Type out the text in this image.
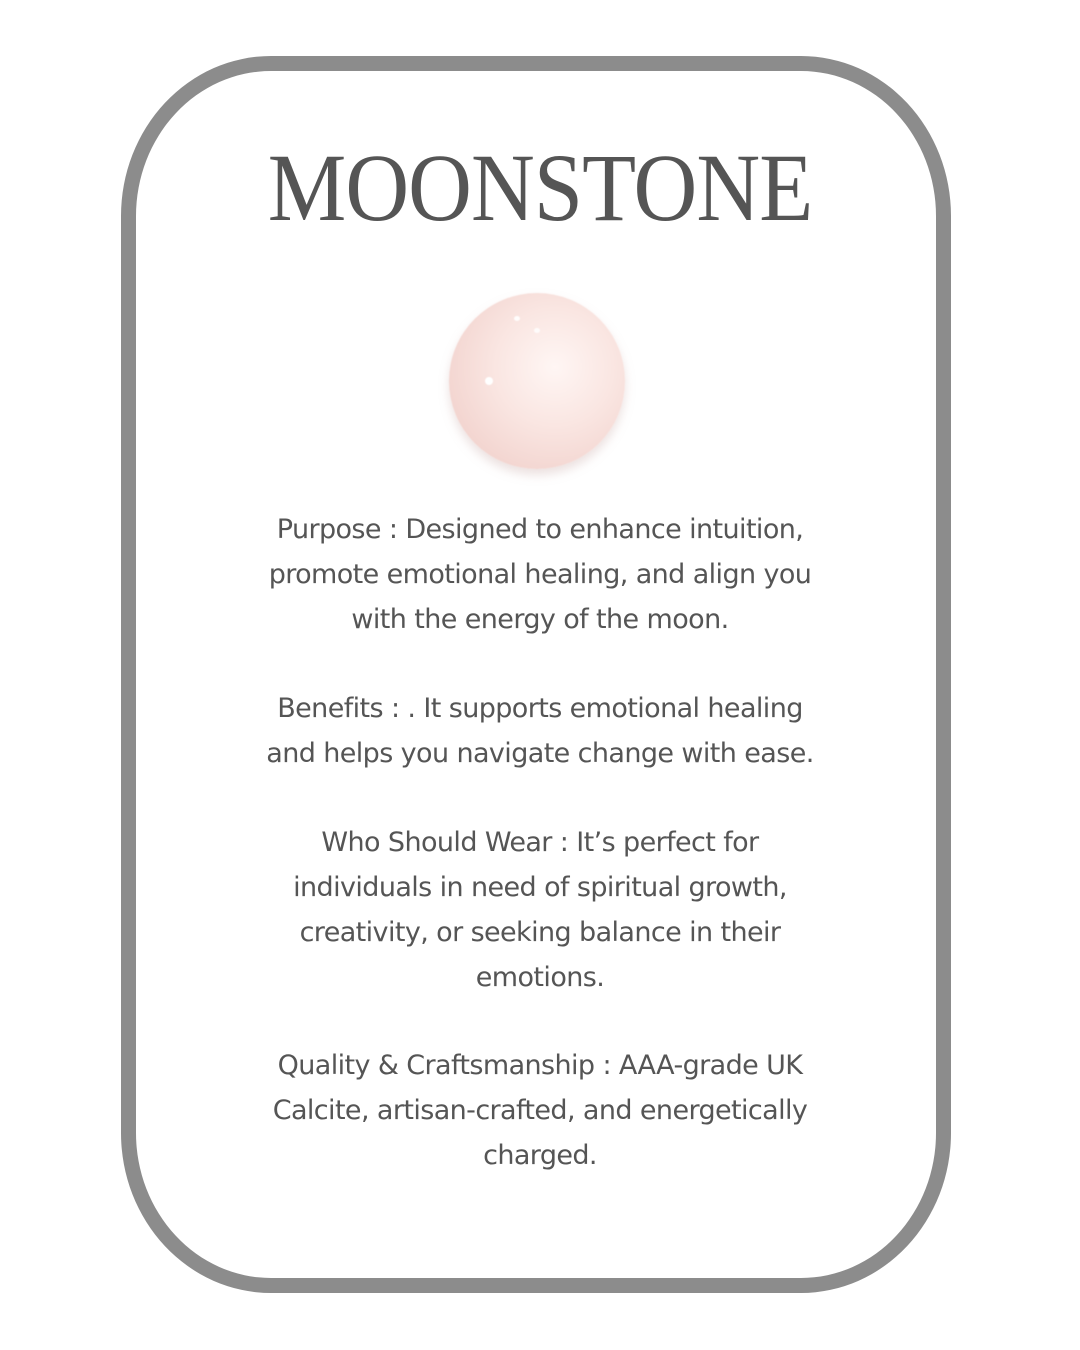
MOONSTONE
Purpose : Designed to enhance intuition,
promote emotional healing, and align you
with the energy of the moon.
Benefits : . It supports emotional healing
and helps you navigate change with ease.
Who Should Wear : It’s perfect for
individuals in need of spiritual growth,
creativity, or seeking balance in their
emotions.
Quality & Craftsmanship : AAA-grade UK
Calcite, artisan-crafted, and energetically
charged.
